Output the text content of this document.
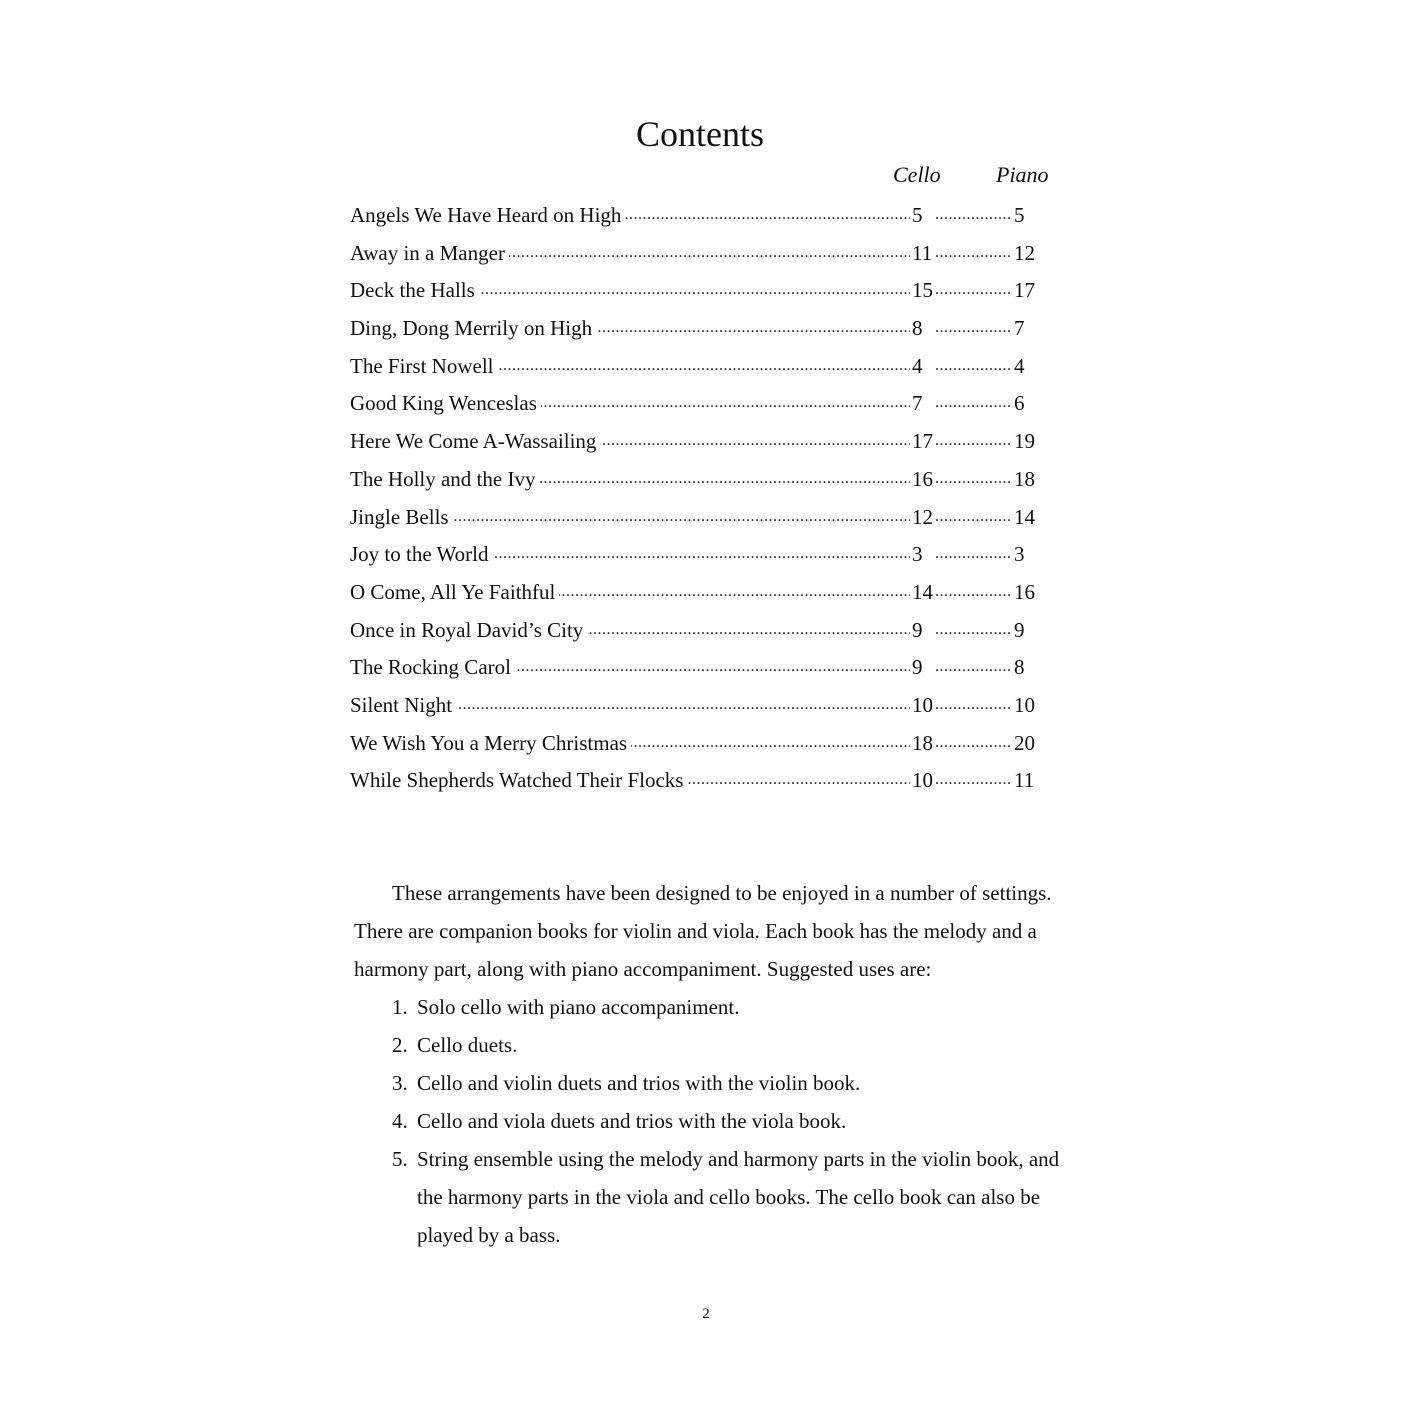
Contents
Cello	Piano
.....
Angels We Have Heard on High	5	5
.....
Away in a Manger	11	12
.....
Deck the Halls	15	17
.....
Ding, Dong Merrily on High	8	7
.....
The First Nowell	4	4
.....
Good King Wenceslas	7	6
.....
Here We Come A-Wassailing	17	19
.....
The Holly and the Ivy	16	18
.....
Jingle Bells	12	14
.....
Joy to the World	3	3
.....
O Come, All Ye Faithful	14	16
.....
Once in Royal David’s City	9	9
.....
The Rocking Carol	9	8
.....
Silent Night	10	10
.....
We Wish You a Merry Christmas	18	20
.....
While Shepherds Watched Their Flocks	10	11

These arrangements have been designed to be enjoyed in a number of settings. There are companion books for violin and viola. Each book has the melody and a harmony part, along with piano accompaniment. Suggested uses are:

1. Solo cello with piano accompaniment.
2. Cello duets.
3. Cello and violin duets and trios with the violin book.
4. Cello and viola duets and trios with the viola book.
5. String ensemble using the melody and harmony parts in the violin book, and the harmony parts in the viola and cello books. The cello book can also be played by a bass.
2
